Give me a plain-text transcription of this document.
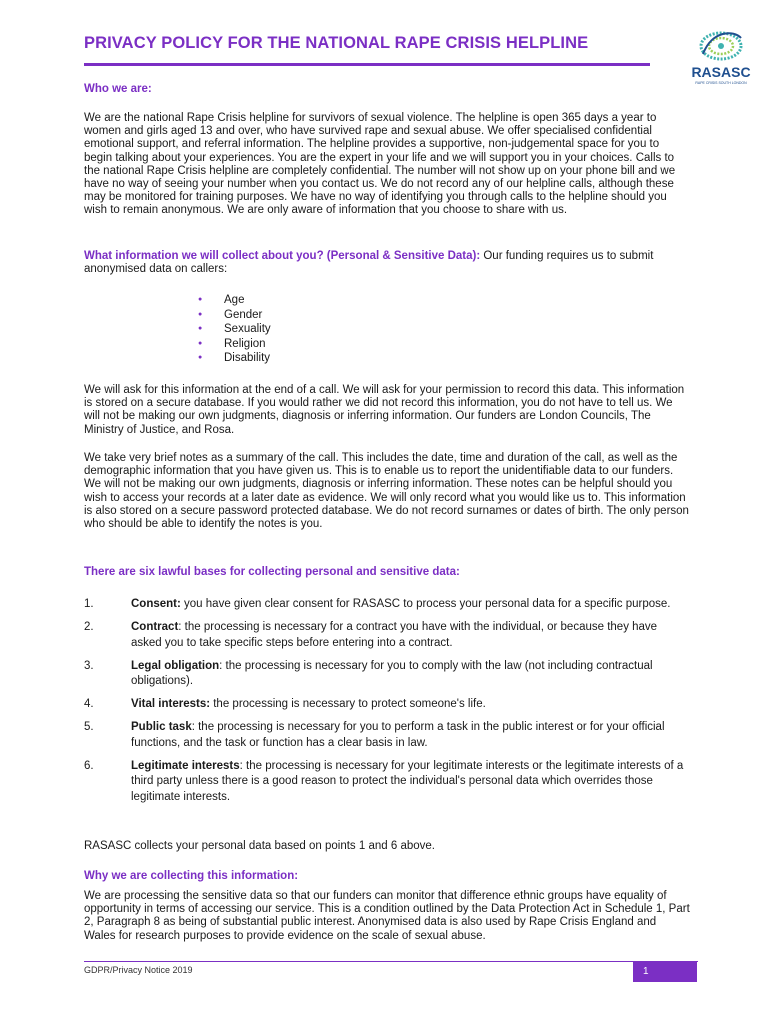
PRIVACY POLICY FOR THE NATIONAL RAPE CRISIS HELPLINE
RASASC
RAPE CRISIS SOUTH LONDON
Who we are:

We are the national Rape Crisis helpline for survivors of sexual violence. The helpline is open 365 days a year to women and girls aged 13 and over, who have survived rape and sexual abuse. We offer specialised confidential emotional support, and referral information. The helpline provides a supportive, non-judgemental space for you to begin talking about your experiences. You are the expert in your life and we will support you in your choices. Calls to the national Rape Crisis helpline are completely confidential. The number will not show up on your phone bill and we have no way of seeing your number when you contact us. We do not record any of our helpline calls, although these may be monitored for training purposes. We have no way of identifying you through calls to the helpline should you wish to remain anonymous. We are only aware of information that you choose to share with us.

What information we will collect about you? (Personal & Sensitive Data): Our funding requires us to submit anonymised data on callers:

● Age
● Gender
● Sexuality
● Religion
● Disability

We will ask for this information at the end of a call. We will ask for your permission to record this data. This information is stored on a secure database. If you would rather we did not record this information, you do not have to tell us. We will not be making our own judgments, diagnosis or inferring information. Our funders are London Councils, The Ministry of Justice, and Rosa.

We take very brief notes as a summary of the call. This includes the date, time and duration of the call, as well as the demographic information that you have given us. This is to enable us to report the unidentifiable data to our funders. We will not be making our own judgments, diagnosis or inferring information. These notes can be helpful should you wish to access your records at a later date as evidence. We will only record what you would like us to. This information is also stored on a secure password protected database. We do not record surnames or dates of birth. The only person who should be able to identify the notes is you.

There are six lawful bases for collecting personal and sensitive data:
1.	Consent: you have given clear consent for RASASC to process your personal data for a specific purpose.
2.	Contract: the processing is necessary for a contract you have with the individual, or because they have asked you to take specific steps before entering into a contract.
3.	Legal obligation: the processing is necessary for you to comply with the law (not including contractual obligations).
4.	Vital interests: the processing is necessary to protect someone's life.
5.	Public task: the processing is necessary for you to perform a task in the public interest or for your official functions, and the task or function has a clear basis in law.
6.	Legitimate interests: the processing is necessary for your legitimate interests or the legitimate interests of a third party unless there is a good reason to protect the individual's personal data which overrides those legitimate interests.

RASASC collects your personal data based on points 1 and 6 above.

Why we are collecting this information:

We are processing the sensitive data so that our funders can monitor that difference ethnic groups have equality of opportunity in terms of accessing our service. This is a condition outlined by the Data Protection Act in Schedule 1, Part 2, Paragraph 8 as being of substantial public interest. Anonymised data is also used by Rape Crisis England and Wales for research purposes to provide evidence on the scale of sexual abuse.

GDPR/Privacy Notice 2019	1
